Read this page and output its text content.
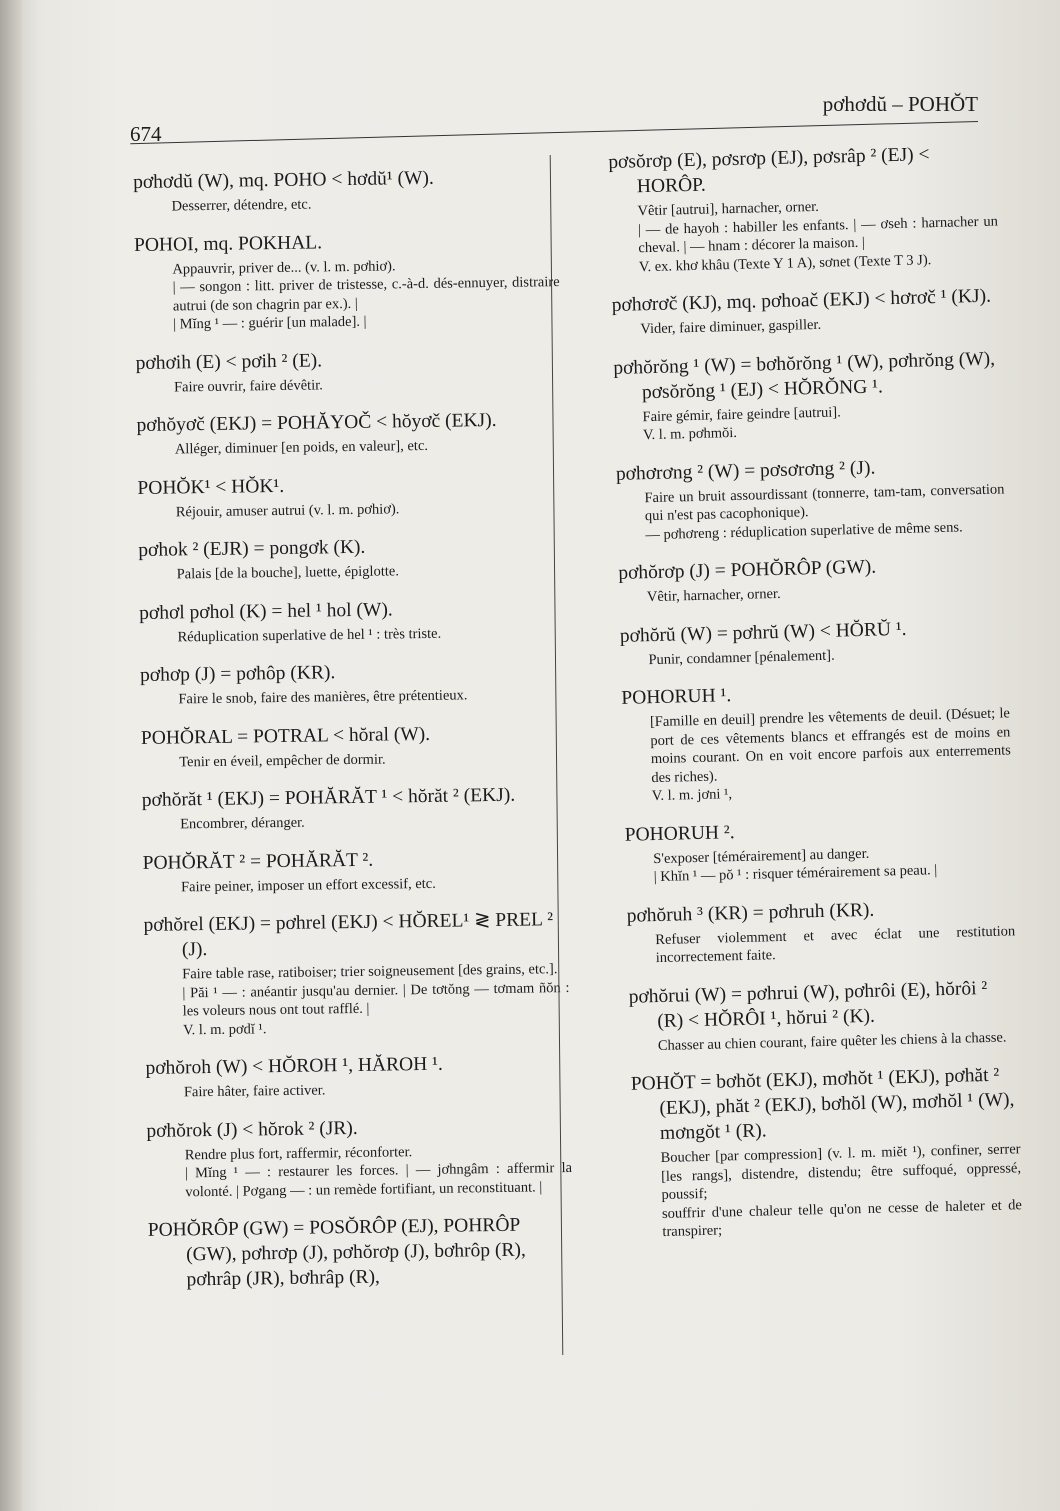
674
pơhơdŭ – POHŎT

pơhơdŭ (W), mq. POHO < hơdŭ¹ (W).

Desserrer, détendre, etc.

POHOI, mq. POKHAL.

Appauvrir, priver de... (v. l. m. pơhiơ).
| — songon : litt. priver de tristesse, c.-à-d. dés-ennuyer, distraire autrui (de son chagrin par ex.). |
| Mĭng ¹ — : guérir [un malade]. |

pơhơih (E) < pơih ² (E).

Faire ouvrir, faire dévêtir.

pơhŏyơč (EKJ) = POHĂYOČ < hŏyơč (EKJ).

Alléger, diminuer [en poids, en valeur], etc.

POHŎK¹ < HŎK¹.

Réjouir, amuser autrui (v. l. m. pơhiơ).

pơhok ² (EJR) = pongơk (K).

Palais [de la bouche], luette, épiglotte.

pơhơl pơhol (K) = hel ¹ hol (W).

Réduplication superlative de hel ¹ : très triste.

pơhơp (J) = pơhôp (KR).

Faire le snob, faire des manières, être prétentieux.

POHŎRAL = POTRAL < hŏral (W).

Tenir en éveil, empêcher de dormir.

pơhŏrăt ¹ (EKJ) = POHĂRĂT ¹ < hŏrăt ² (EKJ).

Encombrer, déranger.

POHŎRĂT ² = POHĂRĂT ².

Faire peiner, imposer un effort excessif, etc.

pơhŏrel (EKJ) = pơhrel (EKJ) < HŎREL¹ ≷ PREL ² (J).

Faire table rase, ratiboiser; trier soigneusement [des grains, etc.].
| Păi ¹ — : anéantir jusqu'au dernier. | De tơtŏng — tơmam ñŏn : les voleurs nous ont tout rafflé. |
V. l. m. pơdĭ ¹.

pơhŏroh (W) < HŎROH ¹, HĂROH ¹.

Faire hâter, faire activer.

pơhŏrok (J) < hŏrok ² (JR).

Rendre plus fort, raffermir, réconforter.
| Mĭng ¹ — : restaurer les forces. | — jơhngâm : affermir la volonté. | Pơgang — : un remède fortifiant, un reconstituant. |

POHŎRÔP (GW) = POSŎRÔP (EJ), POHRÔP (GW), pơhrơp (J), pơhŏrơp (J), bơhrôp (R), pơhrâp (JR), bơhrâp (R),

pơsŏrơp (E), pơsrơp (EJ), pơsrâp ² (EJ) < HORÔP.

Vêtir [autrui], harnacher, orner.
| — de hayoh : habiller les enfants. | — ơseh : harnacher un cheval. | — hnam : décorer la maison. |
V. ex. khơ khâu (Texte Y 1 A), sơnet (Texte T 3 J).

pơhơrơč (KJ), mq. pơhoač (EKJ) < hơrơč ¹ (KJ).

Vider, faire diminuer, gaspiller.

pơhŏrŏng ¹ (W) = bơhŏrŏng ¹ (W), pơhrŏng (W), pơsŏrŏng ¹ (EJ) < HŎRŎNG ¹.

Faire gémir, faire geindre [autrui].
V. l. m. pơhmŏi.

pơhơrơng ² (W) = pơsơrơng ² (J).

Faire un bruit assourdissant (tonnerre, tam-tam, conversation qui n'est pas cacophonique).
— pơhơreng : réduplication superlative de même sens.

pơhŏrơp (J) = POHŎRÔP (GW).

Vêtir, harnacher, orner.

pơhŏrŭ (W) = pơhrŭ (W) < HŎRŬ ¹.

Punir, condamner [pénalement].

POHORUH ¹.

[Famille en deuil] prendre les vêtements de deuil. (Désuet; le port de ces vêtements blancs et effrangés est de moins en moins courant. On en voit encore parfois aux enterrements des riches).
V. l. m. jơni ¹,

POHORUH ².

S'exposer [témérairement] au danger.
| Khĭn ¹ — pŏ ¹ : risquer témérairement sa peau. |

pơhŏruh ³ (KR) = pơhruh (KR).

Refuser violemment et avec éclat une restitution incorrectement faite.

pơhŏrui (W) = pơhrui (W), pơhrôi (E), hŏrôi ² (R) < HŎRÔI ¹, hŏrui ² (K).

Chasser au chien courant, faire quêter les chiens à la chasse.

POHŎT = bơhŏt (EKJ), mơhŏt ¹ (EKJ), pơhăt ² (EKJ), phăt ² (EKJ), bơhŏl (W), mơhŏl ¹ (W), mơngŏt ¹ (R).

Boucher [par compression] (v. l. m. miĕt ¹), confiner, serrer [les rangs], distendre, distendu; être suffoqué, oppressé, poussif;
souffrir d'une chaleur telle qu'on ne cesse de haleter et de transpirer;
